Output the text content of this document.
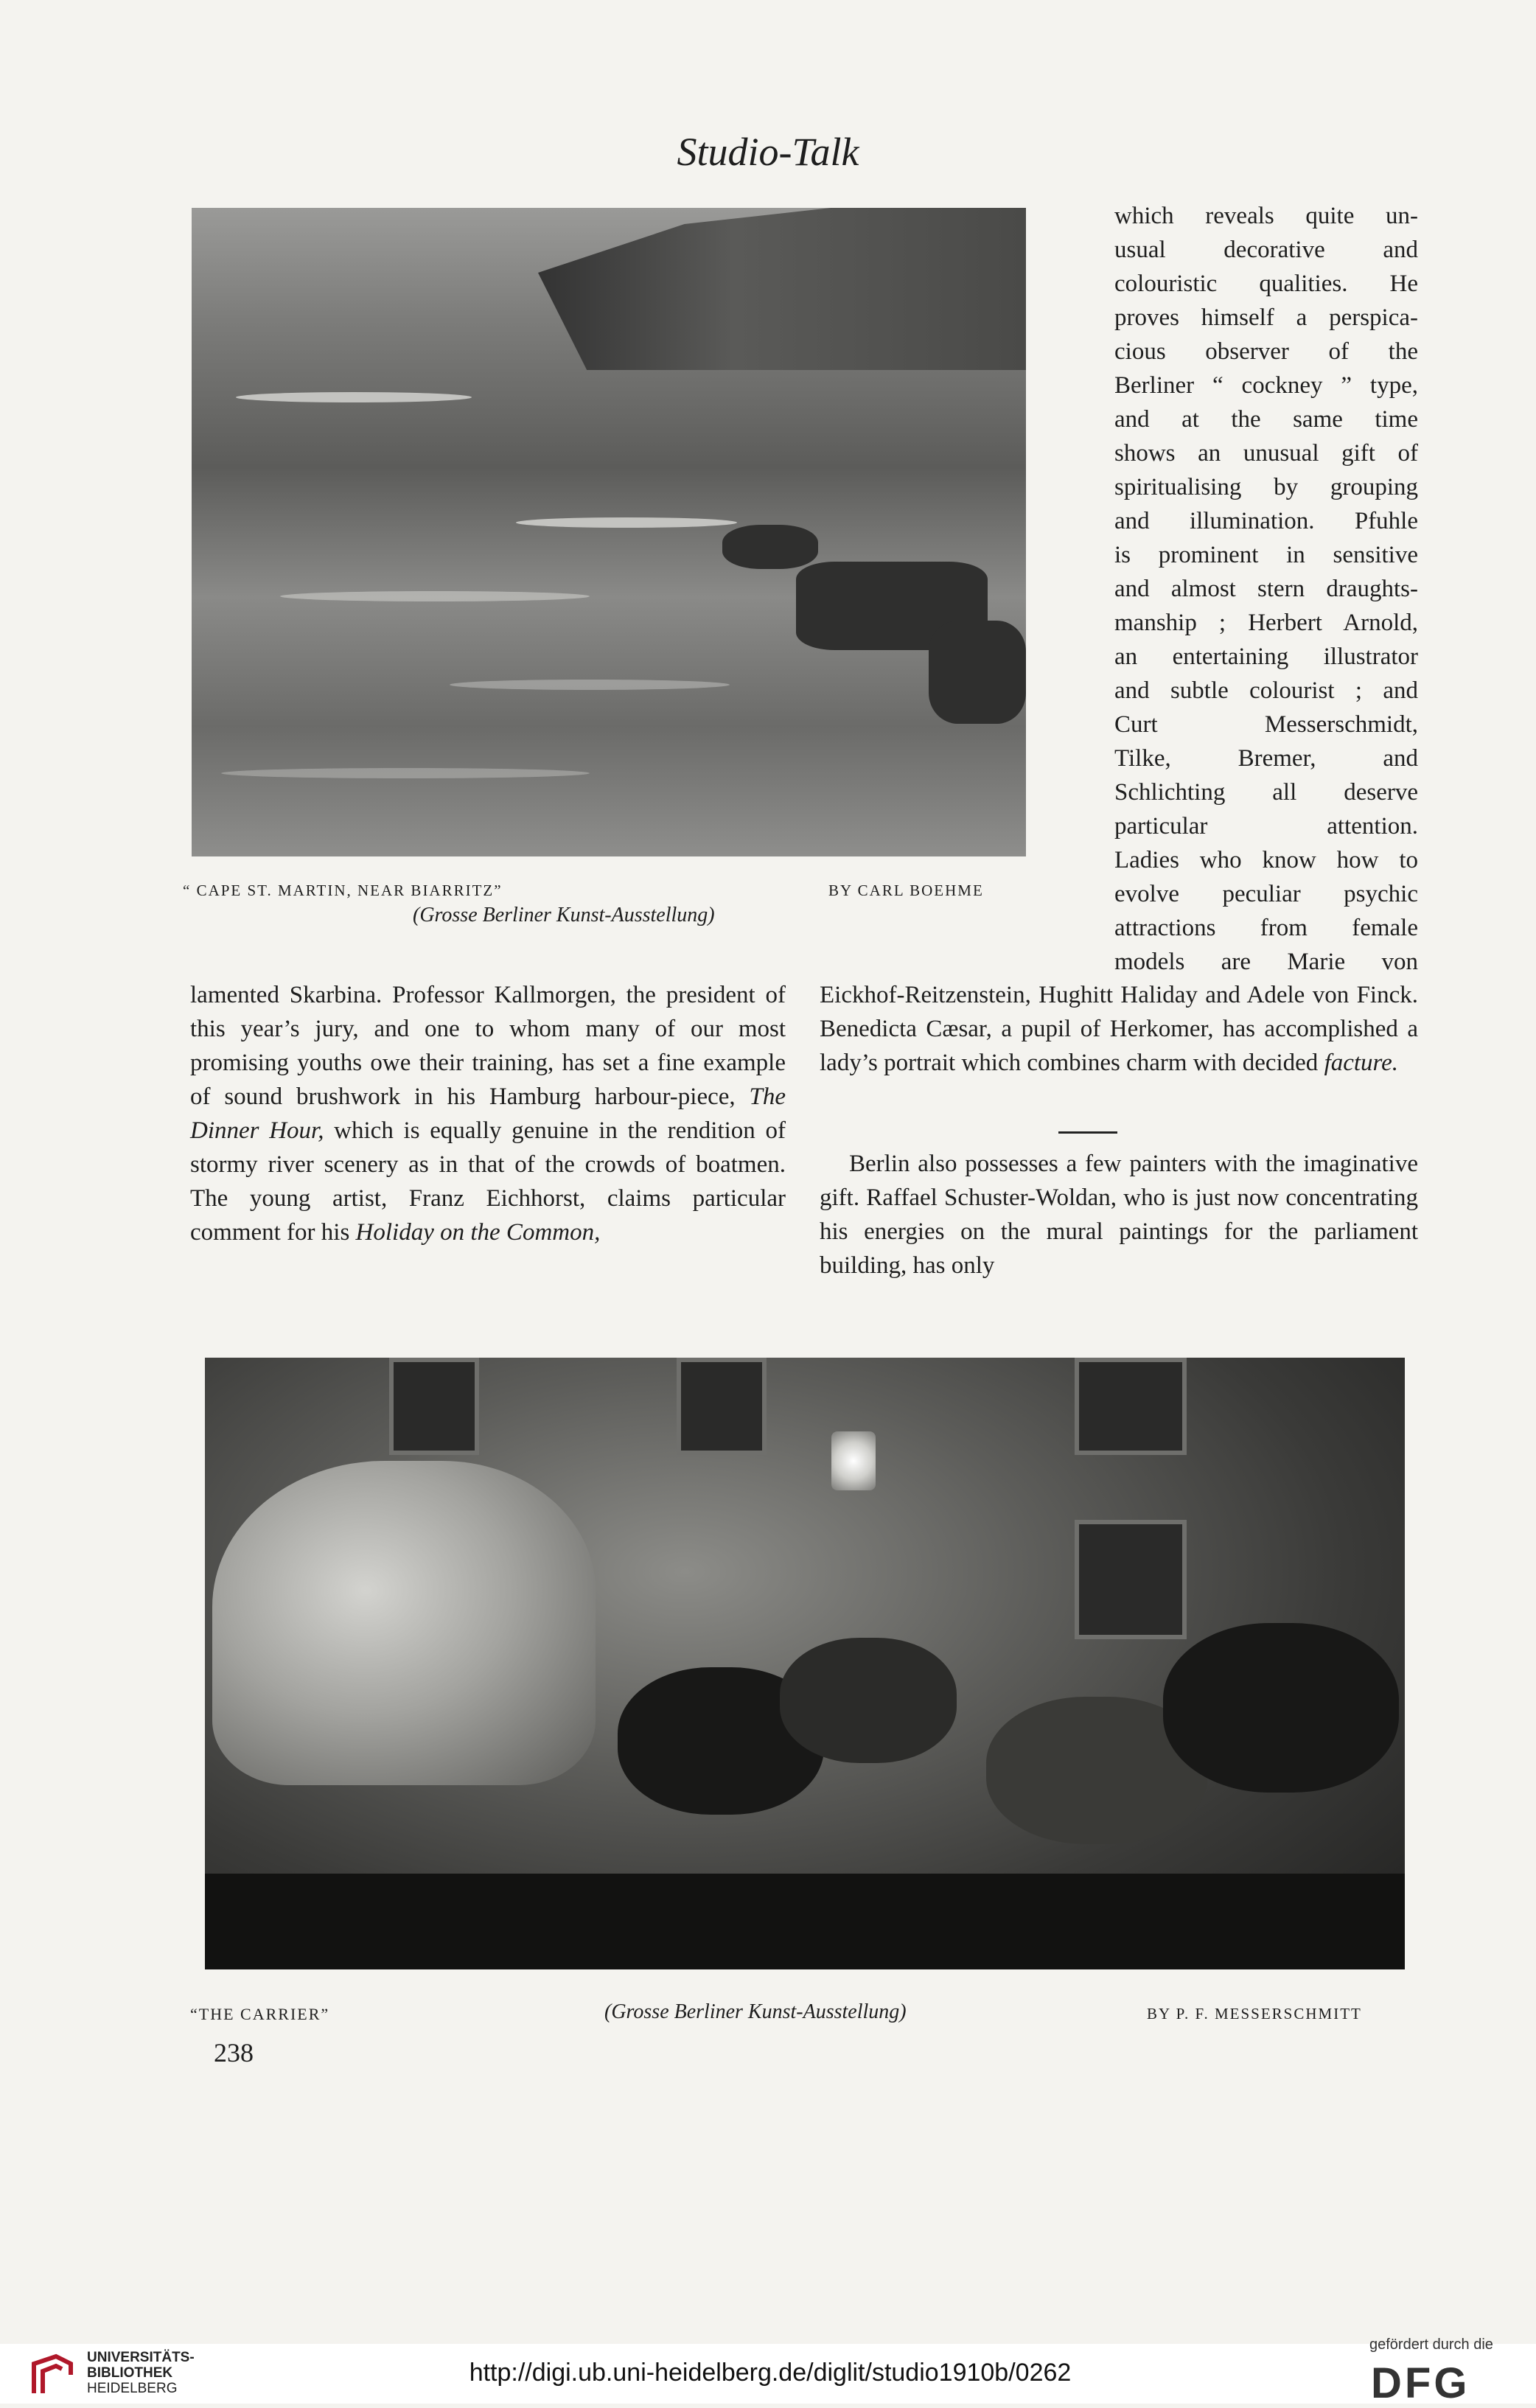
Studio-Talk
“ CAPE ST. MARTIN, NEAR BIARRITZ”	BY CARL BOEHME
(Grosse Berliner Kunst-Ausstellung)
which reveals quite un-
usual decorative and
colouristic qualities. He
proves himself a perspica-
cious observer of the
Berliner “ cockney ” type,
and at the same time
shows an unusual gift of
spiritualising by grouping
and illumination. Pfuhle
is prominent in sensitive
and almost stern draughts-
manship ; Herbert Arnold,
an entertaining illustrator
and subtle colourist ; and
Curt Messerschmidt,
Tilke, Bremer, and
Schlichting all deserve
particular attention.
Ladies who know how to
evolve peculiar psychic
attractions from female
models are Marie von
lamented Skarbina. Professor Kallmorgen, the president of this year’s jury, and one to whom many of our most promising youths owe their training, has set a fine example of sound brushwork in his Hamburg harbour-piece, The Dinner Hour, which is equally genuine in the rendition of stormy river scenery as in that of the crowds of boatmen. The young artist, Franz Eichhorst, claims particular comment for his Holiday on the Common,
Eickhof-Reitzenstein, Hughitt Haliday and Adele von Finck. Benedicta Cæsar, a pupil of Herkomer, has accomplished a lady’s portrait which combines charm with decided facture.
Berlin also possesses a few painters with the imaginative gift. Raffael Schuster-Woldan, who is just now concentrating his energies on the mural paintings for the parliament building, has only
“THE CARRIER”	(Grosse Berliner Kunst-Ausstellung)	BY P. F. MESSERSCHMITT
238
UNIVERSITÄTS-
BIBLIOTHEK
HEIDELBERG
http://digi.ub.uni-heidelberg.de/diglit/studio1910b/0262
gefördert durch die
DFG
